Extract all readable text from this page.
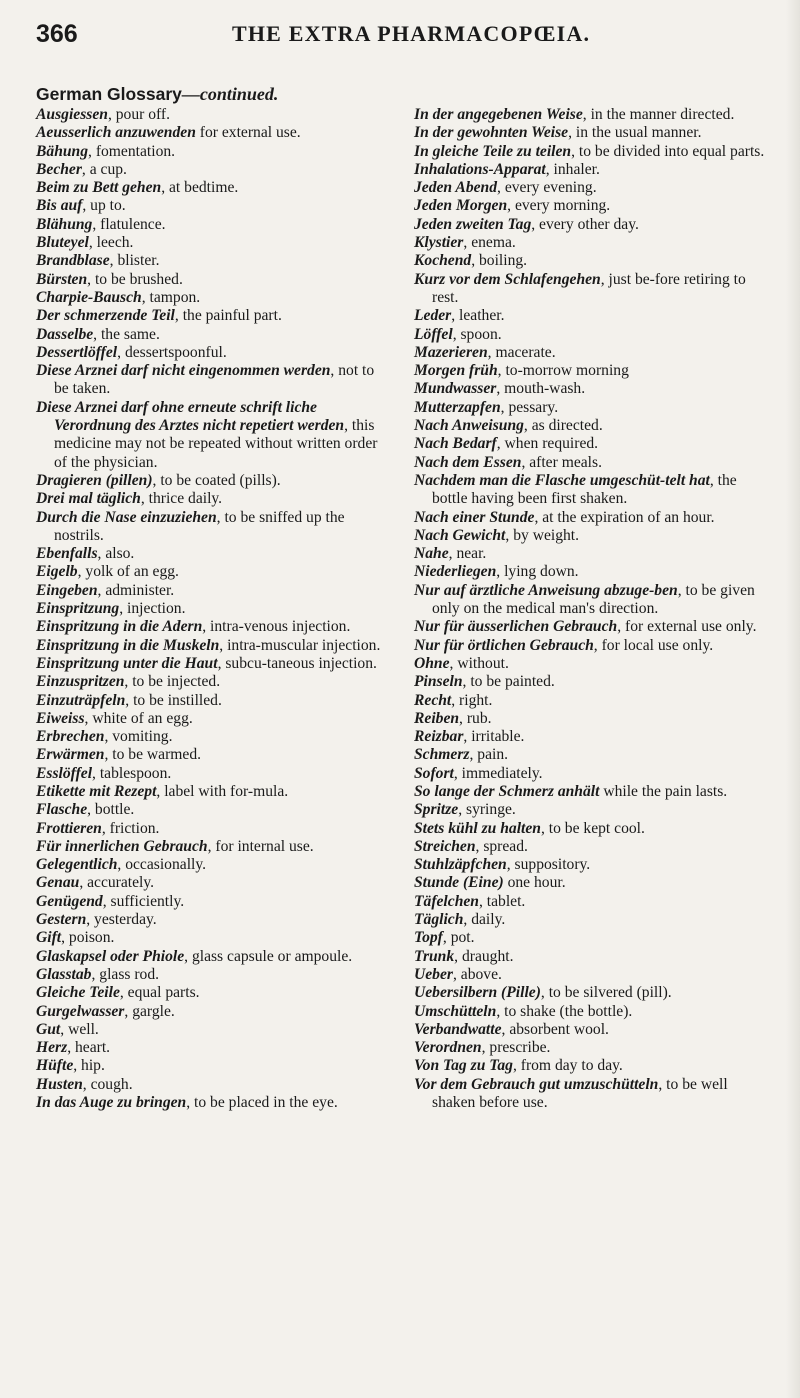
366	THE EXTRA PHARMACOPŒIA.

German Glossary—continued.

Ausgiessen, pour off.

Aeusserlich anzuwenden for external use.

Bähung, fomentation.

Becher, a cup.

Beim zu Bett gehen, at bedtime.

Bis auf, up to.

Blähung, flatulence.

Bluteyel, leech.

Brandblase, blister.

Bürsten, to be brushed.

Charpie-Bausch, tampon.

Der schmerzende Teil, the painful part.

Dasselbe, the same.

Dessertlöffel, dessertspoonful.

Diese Arznei darf nicht eingenommen werden, not to be taken.

Diese Arznei darf ohne erneute schrift liche Verordnung des Arztes nicht repetiert werden, this medicine may not be repeated without written order of the physician.

Dragieren (pillen), to be coated (pills).

Drei mal täglich, thrice daily.

Durch die Nase einzuziehen, to be sniffed up the nostrils.

Ebenfalls, also.

Eigelb, yolk of an egg.

Eingeben, administer.

Einspritzung, injection.

Einspritzung in die Adern, intra-venous injection.

Einspritzung in die Muskeln, intra-muscular injection.

Einspritzung unter die Haut, subcu-taneous injection.

Einzuspritzen, to be injected.

Einzuträpfeln, to be instilled.

Eiweiss, white of an egg.

Erbrechen, vomiting.

Erwärmen, to be warmed.

Esslöffel, tablespoon.

Etikette mit Rezept, label with for-mula.

Flasche, bottle.

Frottieren, friction.

Für innerlichen Gebrauch, for internal use.

Gelegentlich, occasionally.

Genau, accurately.

Genügend, sufficiently.

Gestern, yesterday.

Gift, poison.

Glaskapsel oder Phiole, glass capsule or ampoule.

Glasstab, glass rod.

Gleiche Teile, equal parts.

Gurgelwasser, gargle.

Gut, well.

Herz, heart.

Hüfte, hip.

Husten, cough.

In das Auge zu bringen, to be placed in the eye.

In der angegebenen Weise, in the manner directed.

In der gewohnten Weise, in the usual manner.

In gleiche Teile zu teilen, to be divided into equal parts.

Inhalations-Apparat, inhaler.

Jeden Abend, every evening.

Jeden Morgen, every morning.

Jeden zweiten Tag, every other day.

Klystier, enema.

Kochend, boiling.

Kurz vor dem Schlafengehen, just be-fore retiring to rest.

Leder, leather.

Löffel, spoon.

Mazerieren, macerate.

Morgen früh, to-morrow morning

Mundwasser, mouth-wash.

Mutterzapfen, pessary.

Nach Anweisung, as directed.

Nach Bedarf, when required.

Nach dem Essen, after meals.

Nachdem man die Flasche umgeschüt-telt hat, the bottle having been first shaken.

Nach einer Stunde, at the expiration of an hour.

Nach Gewicht, by weight.

Nahe, near.

Niederliegen, lying down.

Nur auf ärztliche Anweisung abzuge-ben, to be given only on the medical man's direction.

Nur für äusserlichen Gebrauch, for external use only.

Nur für örtlichen Gebrauch, for local use only.

Ohne, without.

Pinseln, to be painted.

Recht, right.

Reiben, rub.

Reizbar, irritable.

Schmerz, pain.

Sofort, immediately.

So lange der Schmerz anhält while the pain lasts.

Spritze, syringe.

Stets kühl zu halten, to be kept cool.

Streichen, spread.

Stuhlzäpfchen, suppository.

Stunde (Eine) one hour.

Täfelchen, tablet.

Täglich, daily.

Topf, pot.

Trunk, draught.

Ueber, above.

Uebersilbern (Pille), to be silvered (pill).

Umschütteln, to shake (the bottle).

Verbandwatte, absorbent wool.

Verordnen, prescribe.

Von Tag zu Tag, from day to day.

Vor dem Gebrauch gut umzuschütteln, to be well shaken before use.
